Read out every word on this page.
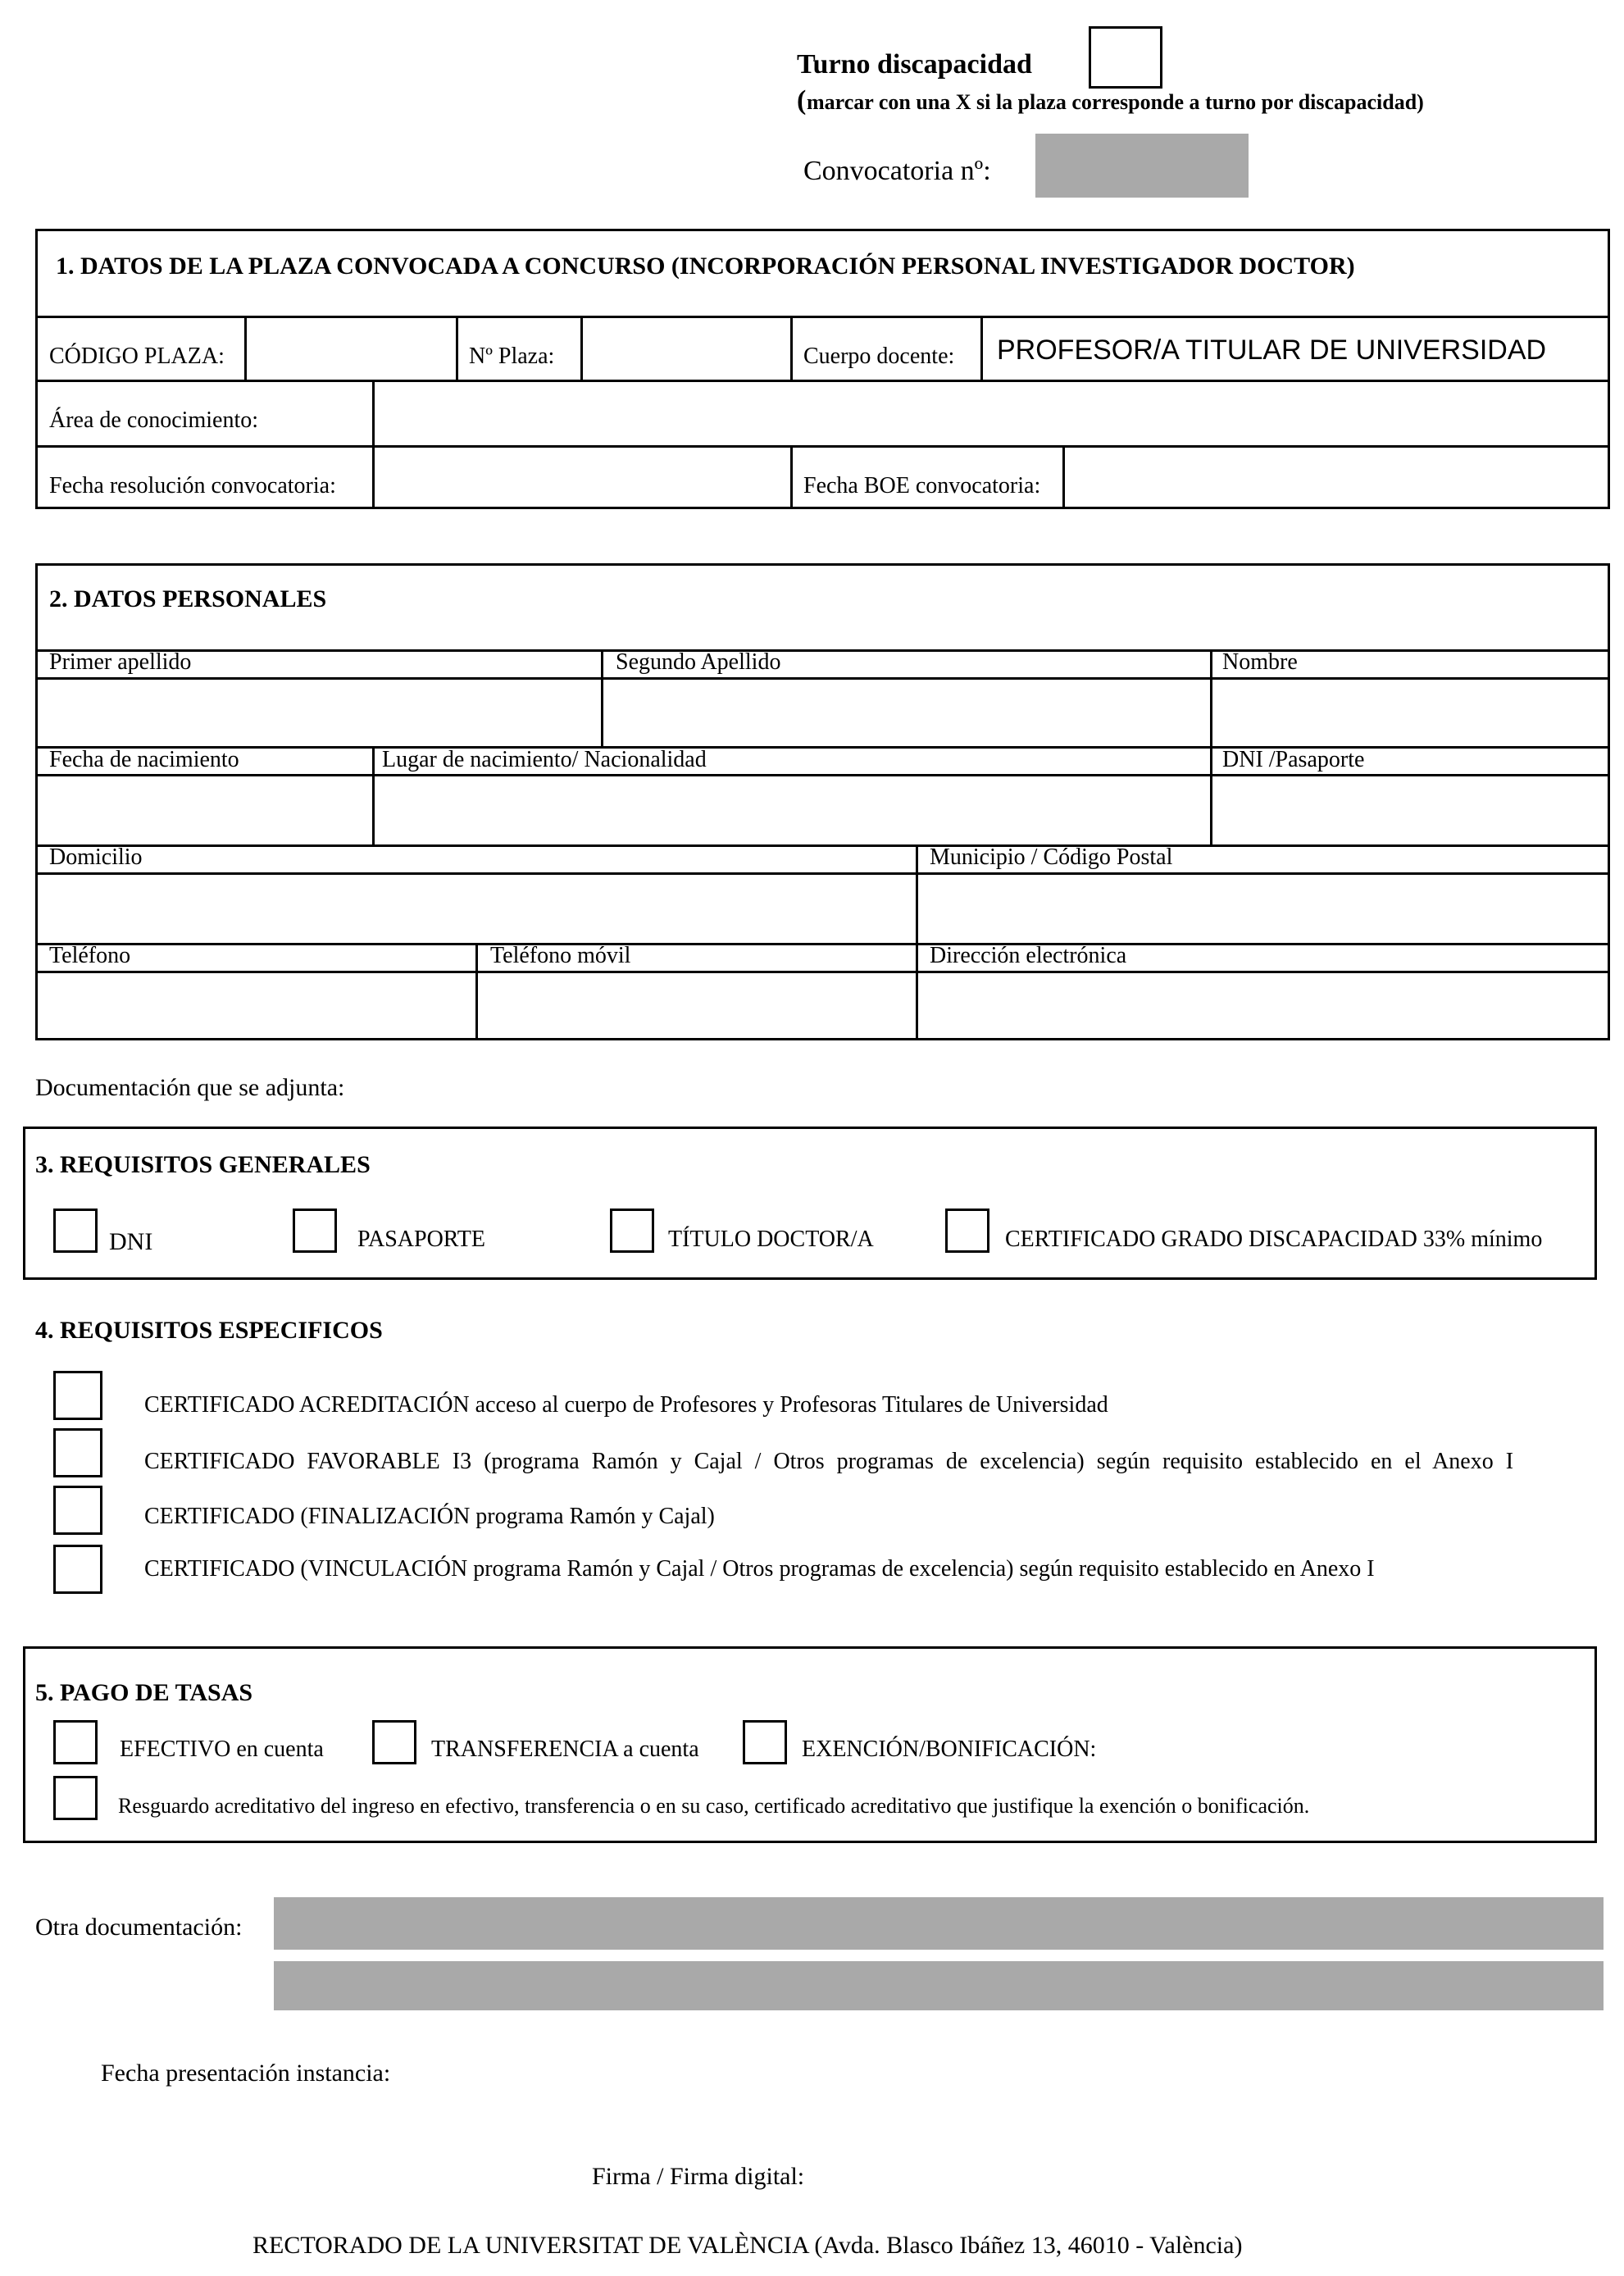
Turno discapacidad
( marcar con una X si la plaza corresponde a turno por discapacidad)
Convocatoria nº:
1. DATOS DE LA PLAZA CONVOCADA A CONCURSO (INCORPORACIÓN PERSONAL INVESTIGADOR DOCTOR)
CÓDIGO PLAZA:	Nº Plaza:	Cuerpo docente: PROFESOR/A TITULAR DE UNIVERSIDAD
Área de conocimiento:
Fecha resolución convocatoria:	Fecha BOE convocatoria:
2. DATOS PERSONALES
Primer apellido	Segundo Apellido	Nombre
Fecha de nacimiento	Lugar de nacimiento/ Nacionalidad	DNI /Pasaporte
Domicilio	Municipio / Código Postal
Teléfono	Teléfono móvil	Dirección electrónica
Documentación que se adjunta:
3. REQUISITOS GENERALES
DNI	PASAPORTE	TÍTULO DOCTOR/A	CERTIFICADO GRADO DISCAPACIDAD 33% mínimo
4. REQUISITOS ESPECIFICOS
CERTIFICADO ACREDITACIÓN acceso al cuerpo de Profesores y Profesoras Titulares de Universidad
CERTIFICADO FAVORABLE I3 (programa Ramón y Cajal / Otros programas de excelencia) según requisito establecido en el Anexo I
CERTIFICADO (FINALIZACIÓN programa Ramón y Cajal)
CERTIFICADO (VINCULACIÓN programa Ramón y Cajal / Otros programas de excelencia) según requisito establecido en Anexo I
5. PAGO DE TASAS
EFECTIVO en cuenta	TRANSFERENCIA a cuenta	EXENCIÓN/BONIFICACIÓN:
Resguardo acreditativo del ingreso en efectivo, transferencia o en su caso, certificado acreditativo que justifique la exención o bonificación.
Otra documentación:
Fecha presentación instancia:
Firma / Firma digital:
RECTORADO DE LA UNIVERSITAT DE VALÈNCIA (Avda. Blasco Ibáñez 13, 46010 - València)
